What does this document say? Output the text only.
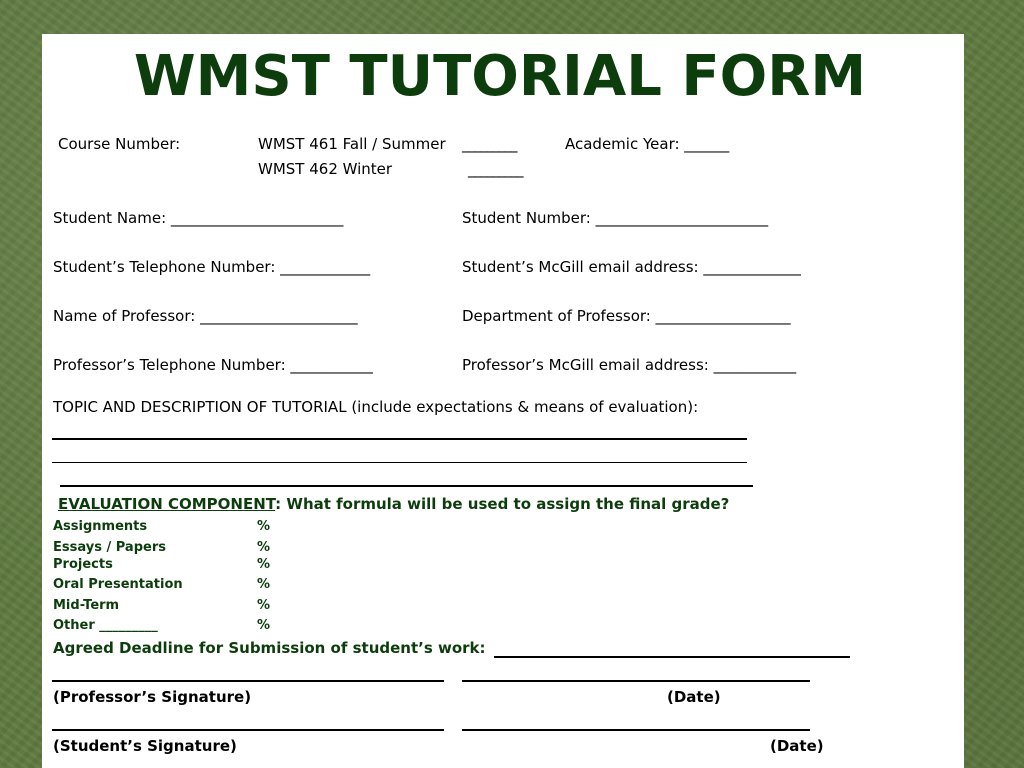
WMST TUTORIAL FORM
Course Number:	WMST 461 Fall / Summer _________	Academic Year: ______
WMST 462 Winter	_________
Student Name: _______________________	Student Number: _______________________
Student’s Telephone Number: ____________	Student’s McGill email address: _____________
Name of Professor: _____________________	Department of Professor: __________________
Professor’s Telephone Number: ___________	Professor’s McGill email address: ___________
TOPIC AND DESCRIPTION OF TUTORIAL (include expectations & means of evaluation):
EVALUATION COMPONENT: What formula will be used to assign the final grade?
Assignments	%
Essays / Papers	%
Projects	%
Oral Presentation	%
Mid-Term	%
Other _________	%
Agreed Deadline for Submission of student’s work:
(Professor’s Signature)	(Date)
(Student’s Signature)	(Date)
